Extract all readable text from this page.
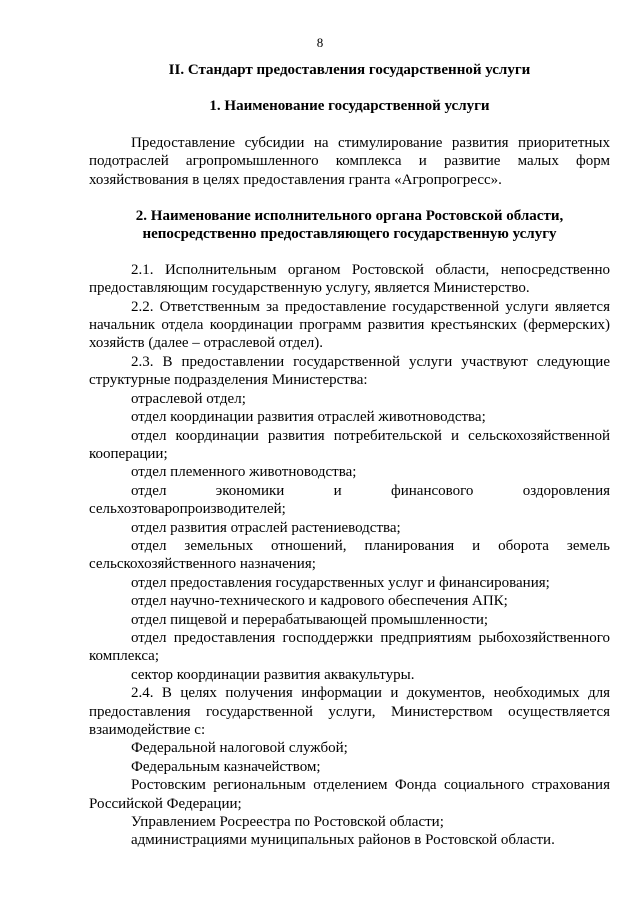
8
II. Стандарт предоставления государственной услуги
1. Наименование государственной услуги

Предоставление субсидии на стимулирование развития приоритетных подотраслей агропромышленного комплекса и развитие малых форм хозяйствования в целях предоставления гранта «Агропрогресс».

2. Наименование исполнительного органа Ростовской области, непосредственно предоставляющего государственную услугу

2.1. Исполнительным органом Ростовской области, непосредственно предоставляющим государственную услугу, является Министерство.

2.2. Ответственным за предоставление государственной услуги является начальник отдела координации программ развития крестьянских (фермерских) хозяйств (далее – отраслевой отдел).

2.3. В предоставлении государственной услуги участвуют следующие структурные подразделения Министерства:

отраслевой отдел;

отдел координации развития отраслей животноводства;

отдел координации развития потребительской и сельскохозяйственной кооперации;

отдел племенного животноводства;

отдел экономики и финансового оздоровления сельхозтоваропроизводителей;

отдел развития отраслей растениеводства;

отдел земельных отношений, планирования и оборота земель сельскохозяйственного назначения;

отдел предоставления государственных услуг и финансирования;

отдел научно-технического и кадрового обеспечения АПК;

отдел пищевой и перерабатывающей промышленности;

отдел предоставления господдержки предприятиям рыбохозяйственного комплекса;

сектор координации развития аквакультуры.

2.4. В целях получения информации и документов, необходимых для предоставления государственной услуги, Министерством осуществляется взаимодействие с:

Федеральной налоговой службой;

Федеральным казначейством;

Ростовским региональным отделением Фонда социального страхования Российской Федерации;

Управлением Росреестра по Ростовской области;

администрациями муниципальных районов в Ростовской области.
